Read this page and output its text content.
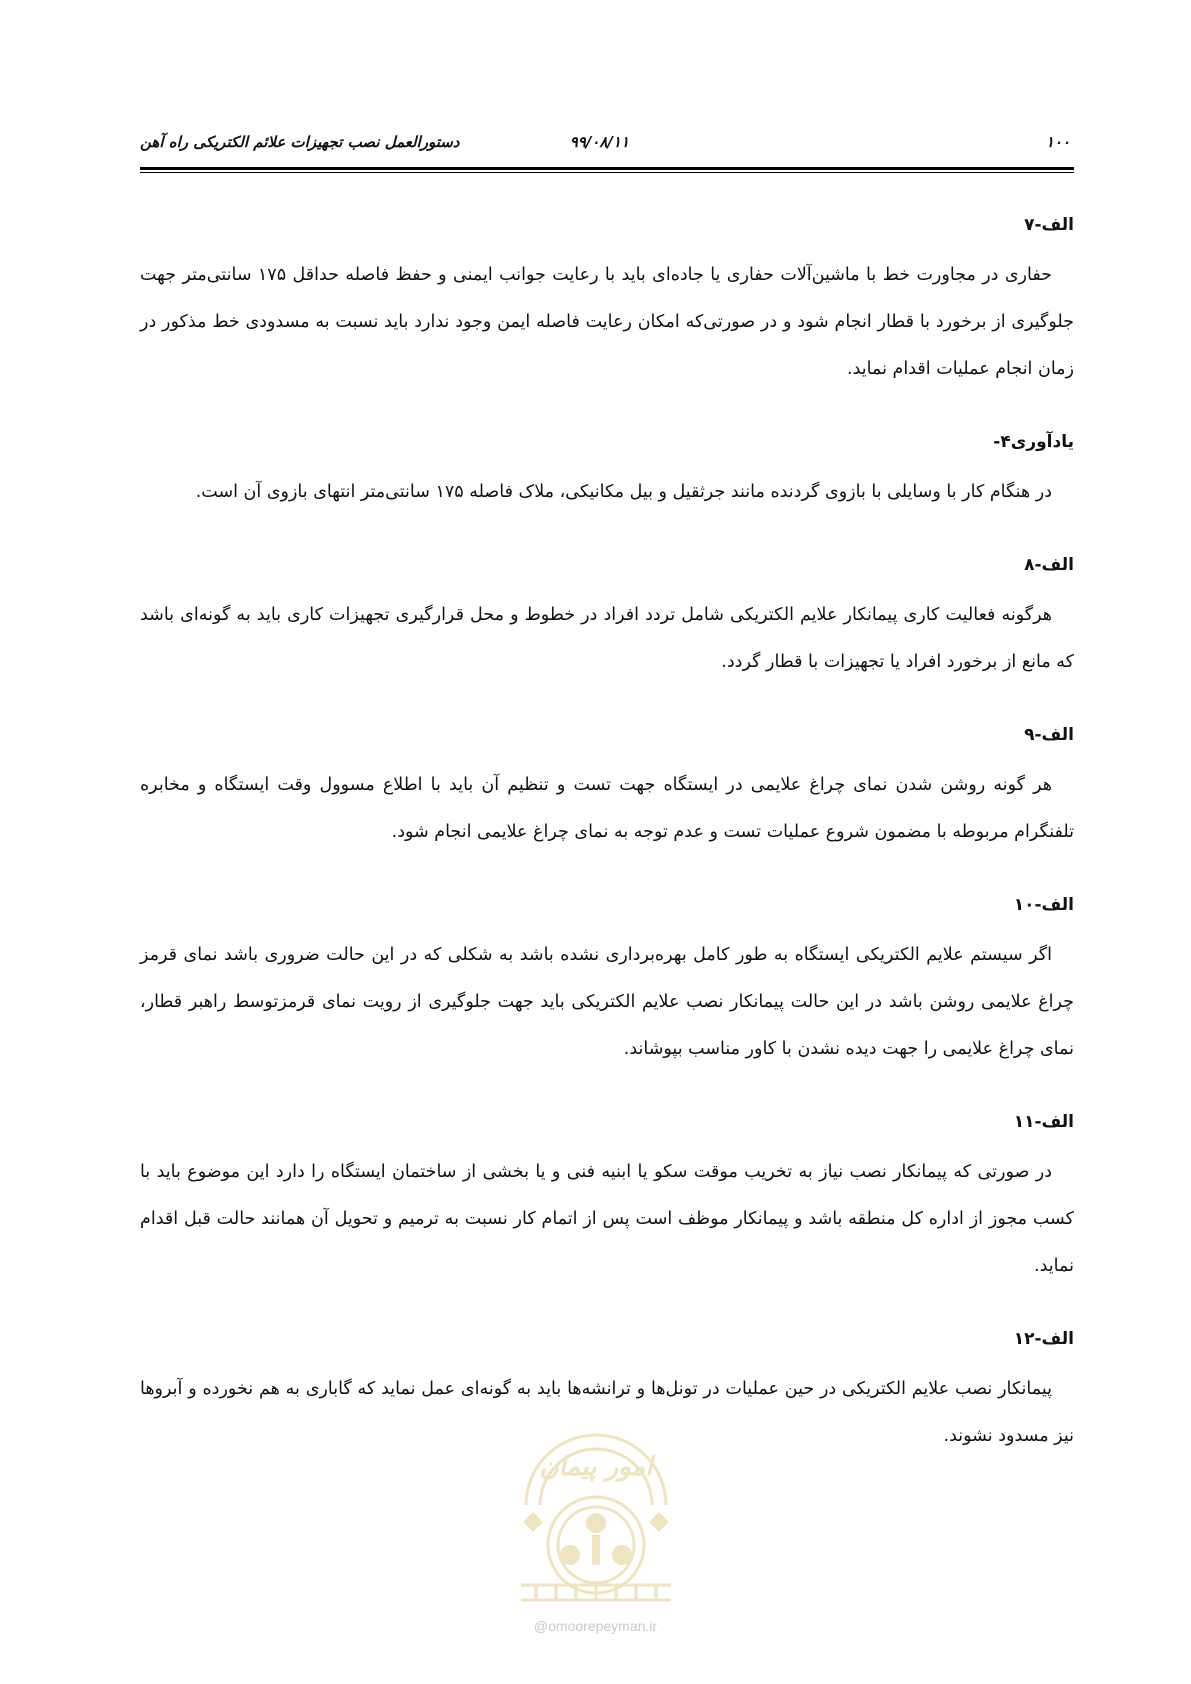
۱۰۰
۹۹/۰۸/۱۱
دستورالعمل نصب تجهیزات علائم الکتریکی راه آهن
الف-۷

حفاری در مجاورت خط با ماشین‌آلات حفاری یا جاده‌ای باید با رعایت جوانب ایمنی و حفظ فاصله حداقل ۱۷۵ سانتی‌متر جهت جلوگیری از برخورد با قطار انجام شود و در صورتی‌که امکان رعایت فاصله ایمن وجود ندارد باید نسبت به مسدودی خط مذکور در زمان انجام عملیات اقدام نماید.

یادآوری۴-

در هنگام کار با وسایلی با بازوی گردنده مانند جرثقیل و بیل مکانیکی، ملاک فاصله ۱۷۵ سانتی‌متر انتهای بازوی آن است.

الف-۸

هرگونه فعالیت کاری پیمانکار علایم الکتریکی شامل تردد افراد در خطوط و محل قرارگیری تجهیزات کاری باید به گونه‌ای باشد که مانع از برخورد افراد یا تجهیزات با قطار گردد.

الف-۹

هر گونه روشن شدن نمای چراغ علایمی در ایستگاه جهت تست و تنظیم آن باید با اطلاع مسوول وقت ایستگاه و مخابره تلفنگرام مربوطه با مضمون شروع عملیات تست و عدم توجه به نمای چراغ علایمی انجام شود.

الف-۱۰

اگر سیستم علایم الکتریکی ایستگاه به طور کامل بهره‌برداری نشده باشد به شکلی که در این حالت ضروری باشد نمای قرمز چراغ علایمی روشن باشد در این حالت پیمانکار نصب علایم الکتریکی باید جهت جلوگیری از رویت نمای قرمزتوسط راهبر قطار، نمای چراغ علایمی را جهت دیده نشدن با کاور مناسب بپوشاند.

الف-۱۱

در صورتی که پیمانکار نصب نیاز به تخریب موقت سکو یا ابنیه فنی و یا بخشی از ساختمان ایستگاه را دارد این موضوع باید با کسب مجوز از اداره کل منطقه باشد و پیمانکار موظف است پس از اتمام کار نسبت به ترمیم و تحویل آن همانند حالت قبل اقدام نماید.

الف-۱۲

پیمانکار نصب علایم الکتریکی در حین عملیات در تونل‌ها و ترانشه‌ها باید به گونه‌ای عمل نماید که گاباری به هم نخورده و آبروها نیز مسدود نشوند.

امور پیمان
@omoorepeyman.ir
